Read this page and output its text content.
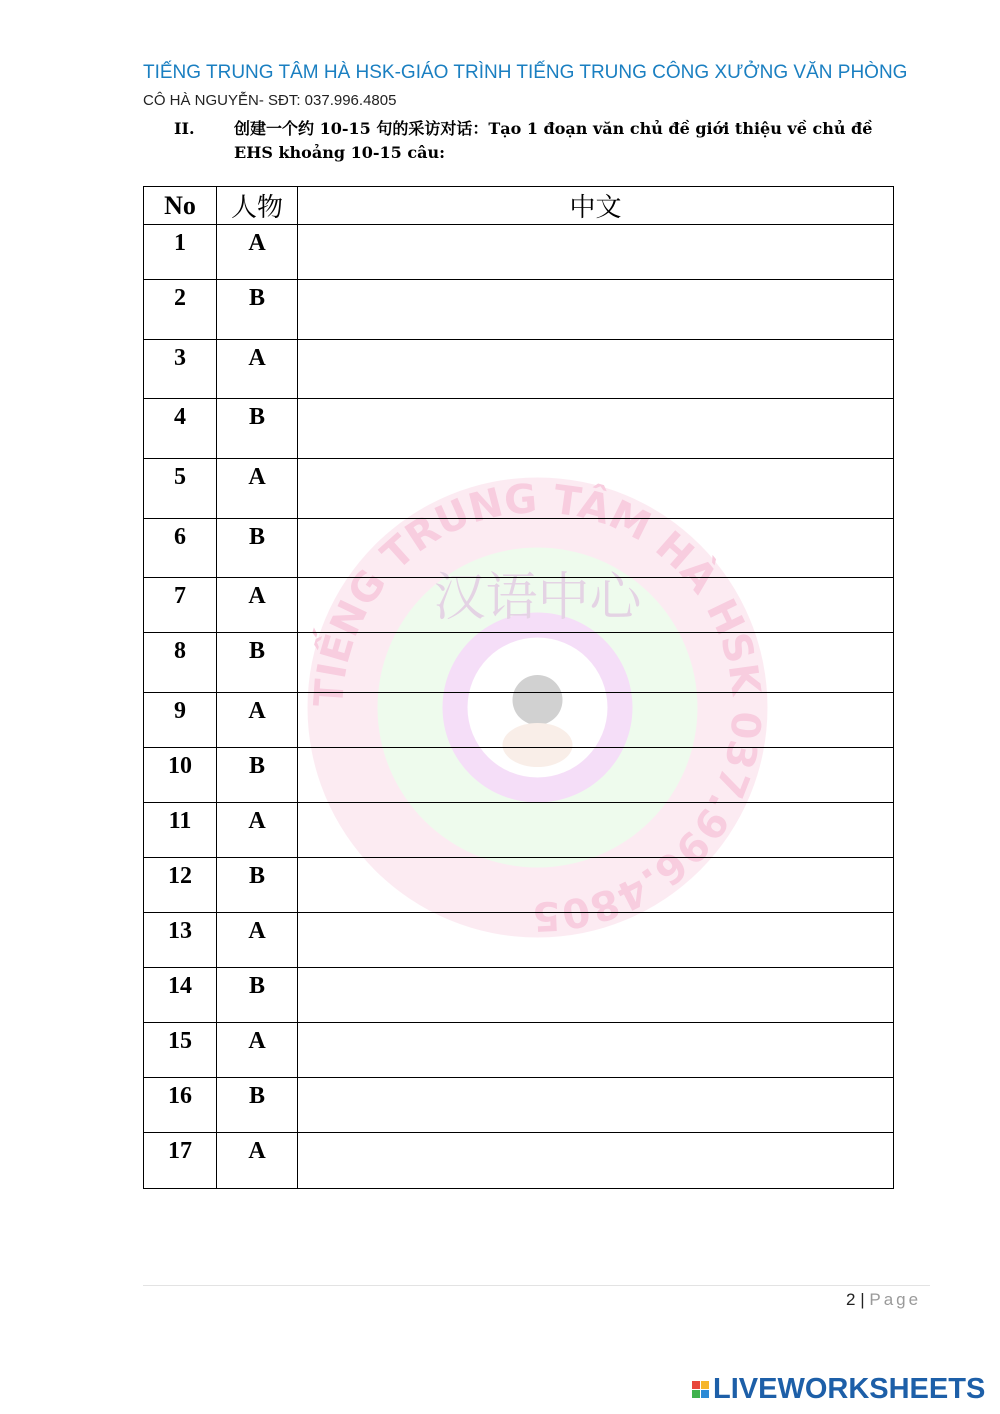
TIẾNG TRUNG TÂM HÀ HSK-GIÁO TRÌNH TIẾNG TRUNG CÔNG XƯỞNG VĂN PHÒNG
CÔ HÀ NGUYỄN- SĐT: 037.996.4805
II. 创建一个约 10-15 句的采访对话：Tạo 1 đoạn văn chủ đề giới thiệu về chủ đề
EHS khoảng 10-15 câu:
TIẾNG TRUNG TÂM HÀ HSK 037.996.4805
汉语中心
No	人物	中文
1	A	
2	B	
3	A	
4	B	
5	A	
6	B	
7	A	
8	B	
9	A	
10	B	
11	A	
12	B	
13	A	
14	B	
15	A	
16	B	
17	A	
2 | Page
LIVEWORKSHEETS
